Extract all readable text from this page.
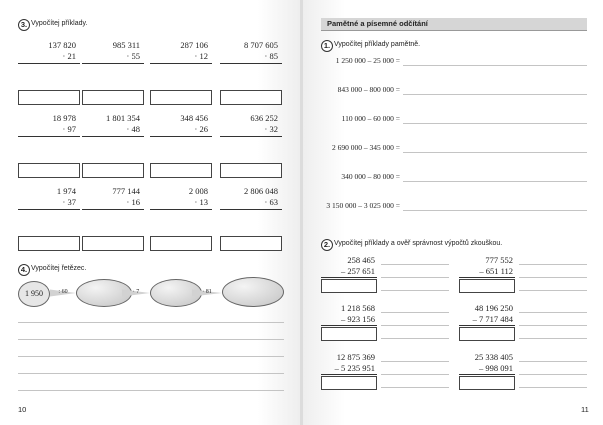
3. Vypočítej příklady.
137 820
· 21
985 311
· 55
287 106
· 12
8 707 605
· 85
18 978
· 97
1 801 354
· 48
348 456
· 26
636 252
· 32
1 974
· 37
777 144
· 16
2 008
· 13
2 806 048
· 63
4. Vypočítej řetězec.
1 950	: 60	· 7	· 81
10
Pamětné a písemné odčítání
1. Vypočítej příklady pamětně.
1 250 000 – 25 000 =
843 000 – 800 000 =
110 000 – 60 000 =
2 690 000 – 345 000 =
340 000 – 80 000 =
3 150 000 – 3 025 000 =
2. Vypočítej příklady a ověř správnost výpočtů zkouškou.
258 465
– 257 651
777 552
– 651 112
1 218 568
– 923 156
48 196 250
– 7 717 484
12 875 369
– 5 235 951
25 338 405
– 998 091
11
